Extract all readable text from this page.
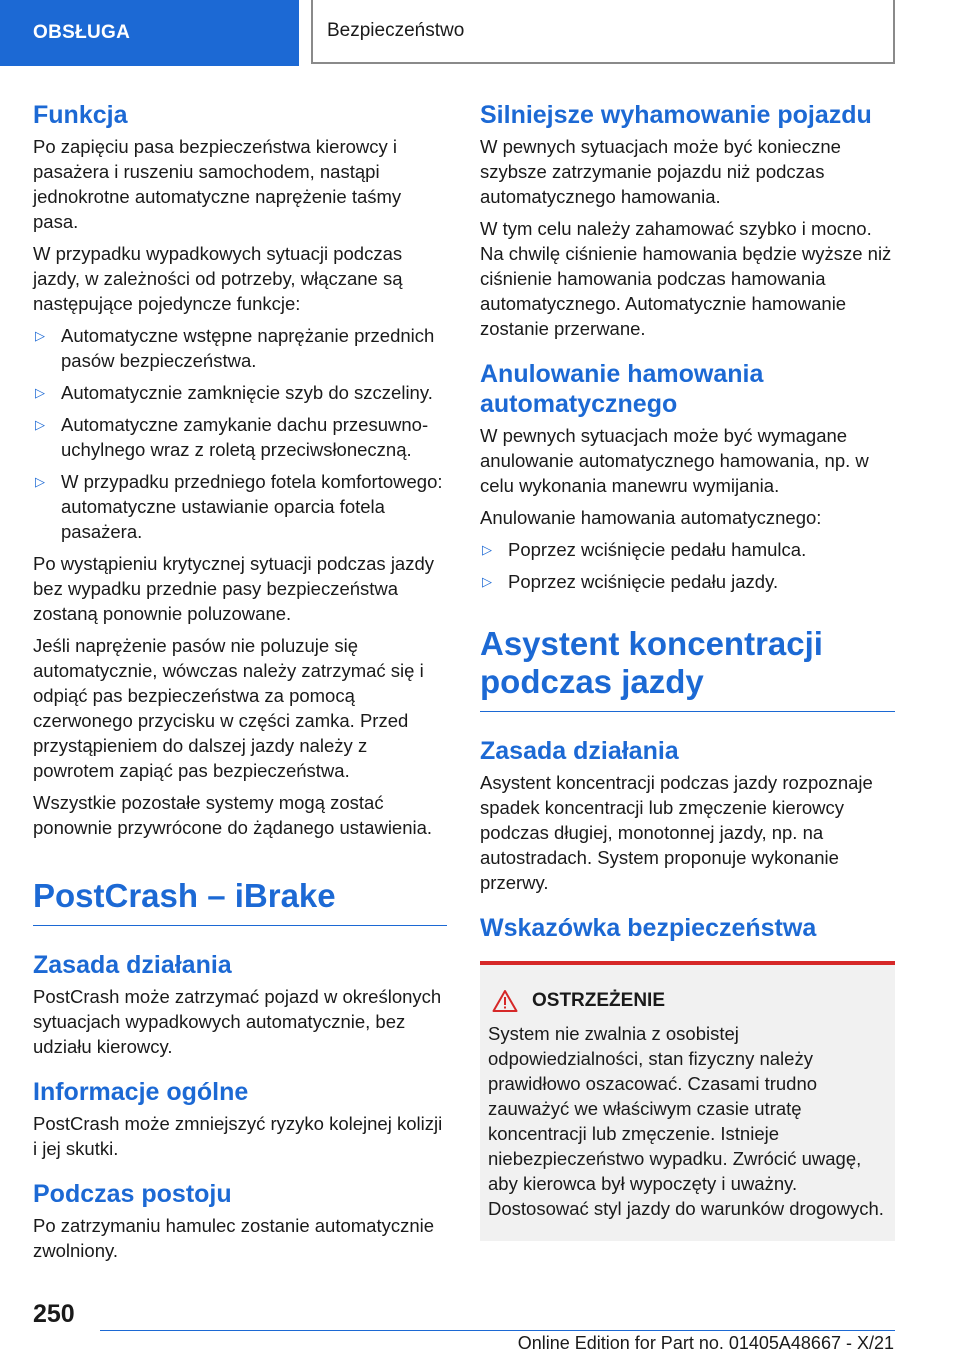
OBSŁUGA	Bezpieczeństwo
Funkcja

Po zapięciu pasa bezpieczeństwa kierowcy i pasażera i ruszeniu samochodem, nastąpi jednokrotne automatyczne naprężenie taśmy pasa.

W przypadku wypadkowych sytuacji podczas jazdy, w zależności od potrzeby, włączane są następujące pojedyncze funkcje:

▷ Automatyczne wstępne naprężanie przednich pasów bezpieczeństwa.
▷ Automatycznie zamknięcie szyb do szczeliny.
▷ Automatyczne zamykanie dachu przesuwno-uchylnego wraz z roletą przeciwsłoneczną.
▷ W przypadku przedniego fotela komfortowego: automatyczne ustawianie oparcia fotela pasażera.

Po wystąpieniu krytycznej sytuacji podczas jazdy bez wypadku przednie pasy bezpieczeństwa zostaną ponownie poluzowane.

Jeśli naprężenie pasów nie poluzuje się automatycznie, wówczas należy zatrzymać się i odpiąć pas bezpieczeństwa za pomocą czerwonego przycisku w części zamka. Przed przystąpieniem do dalszej jazdy należy z powrotem zapiąć pas bezpieczeństwa.

Wszystkie pozostałe systemy mogą zostać ponownie przywrócone do żądanego ustawienia.

PostCrash – iBrake
Zasada działania

PostCrash może zatrzymać pojazd w określonych sytuacjach wypadkowych automatycznie, bez udziału kierowcy.

Informacje ogólne

PostCrash może zmniejszyć ryzyko kolejnej kolizji i jej skutki.

Podczas postoju

Po zatrzymaniu hamulec zostanie automatycznie zwolniony.

Silniejsze wyhamowanie pojazdu

W pewnych sytuacjach może być konieczne szybsze zatrzymanie pojazdu niż podczas automatycznego hamowania.

W tym celu należy zahamować szybko i mocno. Na chwilę ciśnienie hamowania będzie wyższe niż ciśnienie hamowania podczas hamowania automatycznego. Automatycznie hamowanie zostanie przerwane.

Anulowanie hamowania automatycznego

W pewnych sytuacjach może być wymagane anulowanie automatycznego hamowania, np. w celu wykonania manewru wymijania.

Anulowanie hamowania automatycznego:

▷ Poprzez wciśnięcie pedału hamulca.
▷ Poprzez wciśnięcie pedału jazdy.
Asystent koncentracji podczas jazdy
Zasada działania

Asystent koncentracji podczas jazdy rozpoznaje spadek koncentracji lub zmęczenie kierowcy podczas długiej, monotonnej jazdy, np. na autostradach. System proponuje wykonanie przerwy.

Wskazówka bezpieczeństwa
OSTRZEŻENIE

System nie zwalnia z osobistej odpowiedzialności, stan fizyczny należy prawidłowo oszacować. Czasami trudno zauważyć we właściwym czasie utratę koncentracji lub zmęczenie. Istnieje niebezpieczeństwo wypadku. Zwrócić uwagę, aby kierowca był wypoczęty i uważny. Dostosować styl jazdy do warunków drogowych.

250
Online Edition for Part no. 01405A48667 - X/21
